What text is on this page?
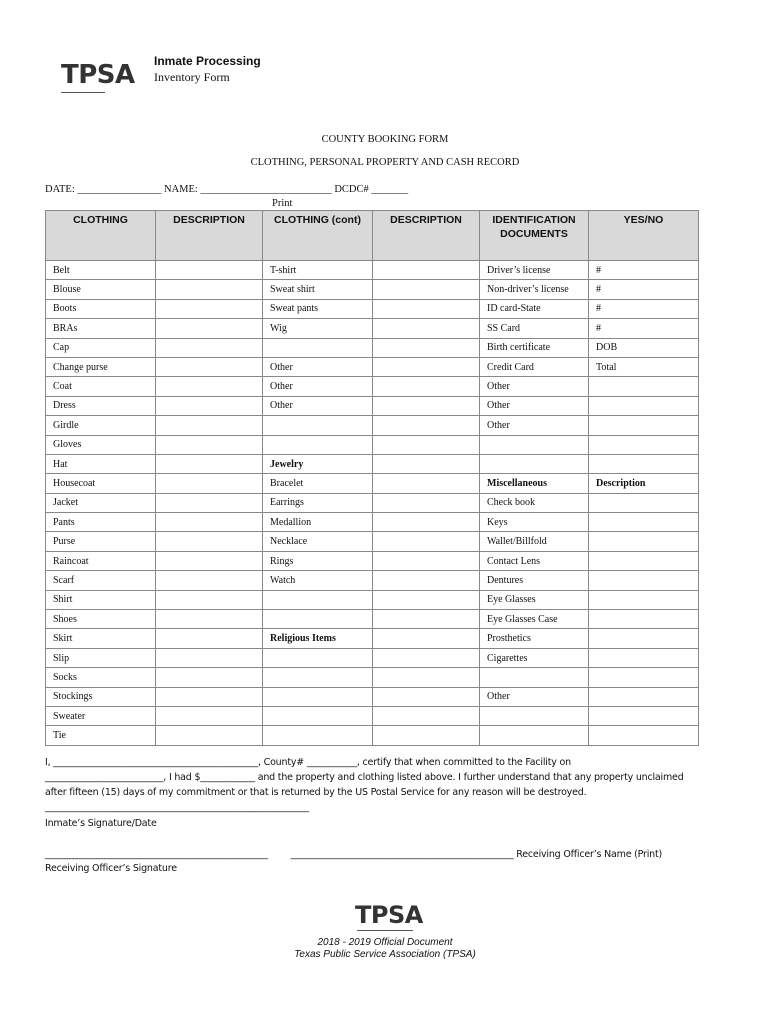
TPSA Inmate Processing
Inventory Form
COUNTY BOOKING FORM
CLOTHING, PERSONAL PROPERTY AND CASH RECORD
DATE: ________________ NAME: _________________________ DCDC# _______
Print
CLOTHING	DESCRIPTION	CLOTHING (cont)	DESCRIPTION	IDENTIFICATION DOCUMENTS	YES/NO
Belt		T-shirt		Driver’s license	#
Blouse		Sweat shirt		Non-driver’s license	#
Boots		Sweat pants		ID card-State	#
BRAs		Wig		SS Card	#
Cap				Birth certificate	DOB
Change purse		Other		Credit Card	Total
Coat		Other		Other	
Dress		Other		Other	
Girdle				Other	
Gloves					
Hat		Jewelry			
Housecoat		Bracelet		Miscellaneous	Description
Jacket		Earrings		Check book	
Pants		Medallion		Keys	
Purse		Necklace		Wallet/Billfold	
Raincoat		Rings		Contact Lens	
Scarf		Watch		Dentures	
Shirt				Eye Glasses	
Shoes				Eye Glasses Case	
Skirt		Religious Items		Prosthetics	
Slip				Cigarettes	
Socks					
Stockings				Other	
Sweater					
Tie					
I, _____________________________________________, County# ___________, certify that when committed to the Facility on
__________________________, I had $____________ and the property and clothing listed above. I further understand that any property unclaimed
after fifteen (15) days of my commitment or that is returned by the US Postal Service for any reason will be destroyed.
__________________________________________________________
Inmate’s Signature/Date
_________________________________________________        _________________________________________________ Receiving Officer’s Name (Print)
Receiving Officer’s Signature
TPSA
2018 - 2019 Official Document
Texas Public Service Association (TPSA)
